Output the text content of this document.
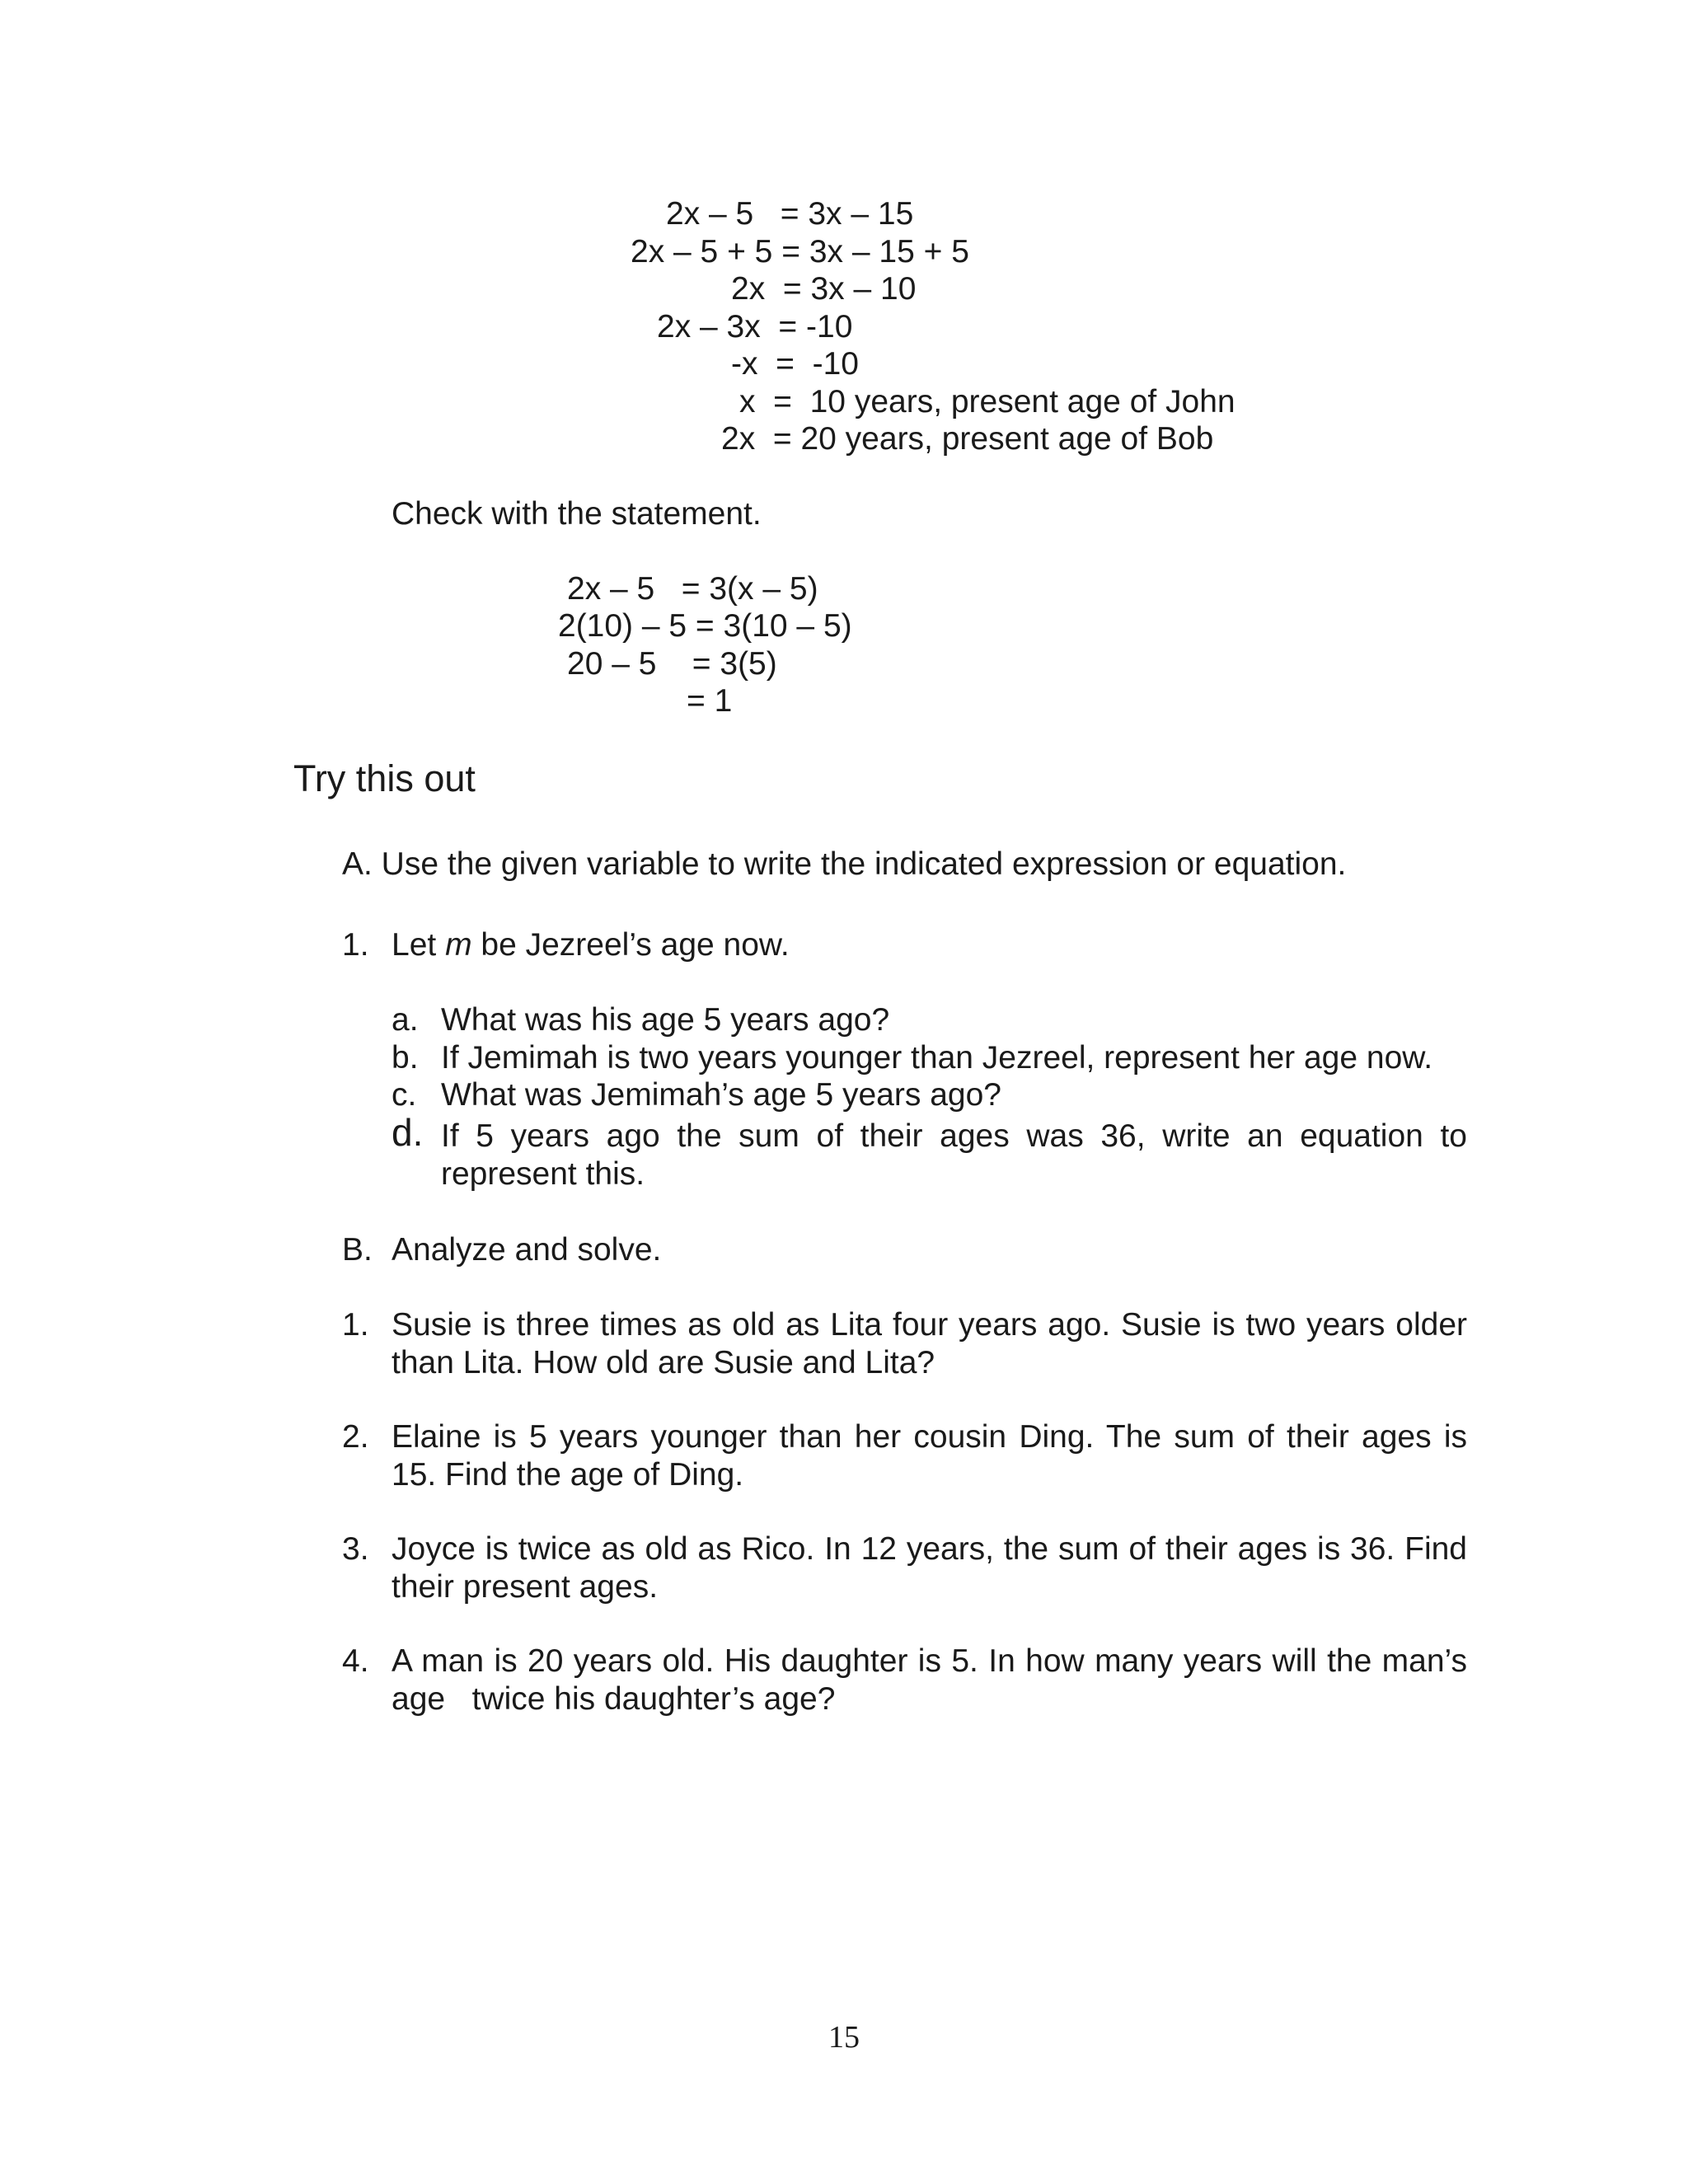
2x – 5   = 3x – 15
2x – 5 + 5 = 3x – 15 + 5
2x  = 3x – 10
2x – 3x  = -10
-x  =  -10
x  =  10 years, present age of John
2x  = 20 years, present age of Bob
Check with the statement.
2x – 5   = 3(x – 5)
2(10) – 5 = 3(10 – 5)
20 – 5    = 3(5)
= 1
Try this out
A. Use the given variable to write the indicated expression or equation.
1. Let m be Jezreel’s age now.
a. What was his age 5 years ago?
b. If Jemimah is two years younger than Jezreel, represent her age now.
c. What was Jemimah’s age 5 years ago?
d. If 5 years ago the sum of their ages was 36, write an equation to represent this.

B. Analyze and solve.
1. Susie is three times as old as Lita four years ago. Susie is two years older than Lita. How old are Susie and Lita?

2. Elaine is 5 years younger than her cousin Ding. The sum of their ages is 15. Find the age of Ding.

3. Joyce is twice as old as Rico. In 12 years, the sum of their ages is 36. Find their present ages.

4. A man is 20 years old. His daughter is 5. In how many years will the man’s age   twice his daughter’s age?

15
